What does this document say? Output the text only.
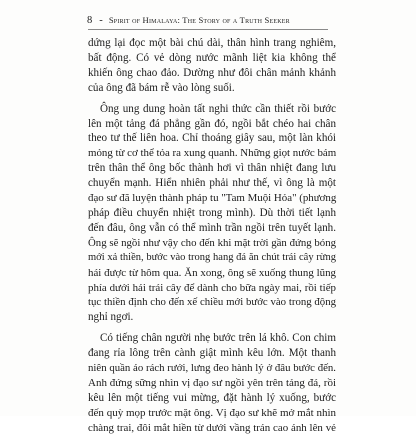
8 - Spirit of Himalaya: The Story of a Truth Seeker

dứng lại đọc một bài chú dài, thân hình trang nghiêm,
bất động. Có vẻ dòng nước mãnh liệt kia không thể
khiến ông chao đảo. Dường như đôi chân mảnh khảnh
của ông đã bám rễ vào lòng suối.

Ông ung dung hoàn tất nghi thức cần thiết rồi bước
lên một tảng đá phẳng gần đó, ngồi bắt chéo hai chân
theo tư thế liên hoa. Chỉ thoáng giây sau, một làn khói
mỏng từ cơ thể tỏa ra xung quanh. Những giọt nước bám
trên thân thể ông bốc thành hơi vì thân nhiệt đang lưu
chuyển mạnh. Hiển nhiên phải như thế, vì ông là một
đạo sư đã luyện thành pháp tu "Tam Muội Hỏa" (phương
pháp điều chuyển nhiệt trong mình). Dù thời tiết lạnh
đến đâu, ông vẫn có thể mình trần ngồi trên tuyết lạnh.
Ông sẽ ngồi như vậy cho đến khi mặt trời gần đứng bóng
mới xả thiền, bước vào trong hang đá ăn chút trái cây rừng
hái được từ hôm qua. Ăn xong, ông sẽ xuống thung lũng
phía dưới hái trái cây để dành cho bữa ngày mai, rồi tiếp
tục thiền định cho đến xế chiều mới bước vào trong động
nghỉ ngơi.

Có tiếng chân người nhẹ bước trên lá khô. Con chim
đang rỉa lông trên cành giật mình kêu lớn. Một thanh
niên quần áo rách rưới, lưng đeo hành lý ở đâu bước đến.
Anh đứng sững nhìn vị đạo sư ngồi yên trên tảng đá, rồi
kêu lên một tiếng vui mừng, đặt hành lý xuống, bước
đến quỳ mọp trước mặt ông. Vị đạo sư khẽ mở mắt nhìn
chàng trai, đôi mắt hiền từ dưới vầng trán cao ánh lên vẻ
